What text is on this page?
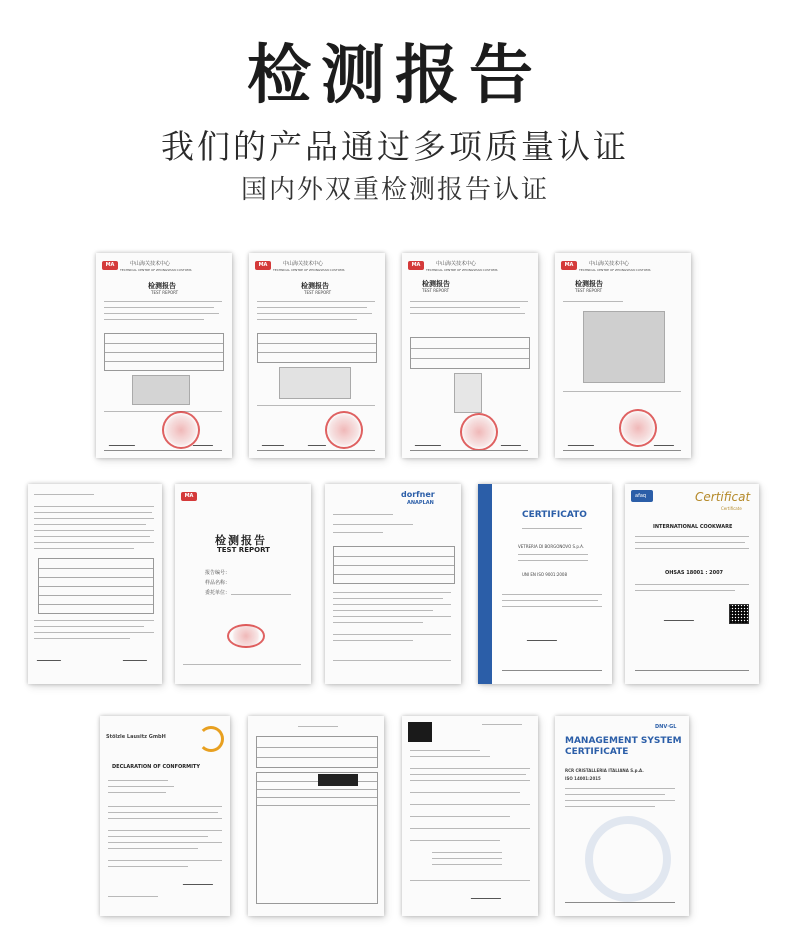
检测报告
我们的产品通过多项质量认证
国内外双重检测报告认证
MA	中山海关技术中心
TECHNICAL CENTRE OF ZHONGSHAN CUSTOMS
检测报告
TEST REPORT
MA	中山海关技术中心
TECHNICAL CENTRE OF ZHONGSHAN CUSTOMS
检测报告
TEST REPORT
MA	中山海关技术中心
TECHNICAL CENTRE OF ZHONGSHAN CUSTOMS
检测报告
TEST REPORT
MA	中山海关技术中心
TECHNICAL CENTRE OF ZHONGSHAN CUSTOMS
检测报告
TEST REPORT
MA
检测报告
TEST REPORT
报告编号：
样品名称：
委托单位：
dorfner
ANAPLAN
CERTIFICATO
VETRERIA DI BORGONOVO S.p.A.
UNI EN ISO 9001:2008
afaq	Certificat
Certificate
INTERNATIONAL COOKWARE
OHSAS 18001 : 2007
Stölzle Lausitz GmbH
DECLARATION OF CONFORMITY
DNV·GL
MANAGEMENT SYSTEM
CERTIFICATE
RCR CRISTALLERIA ITALIANA S.p.A.
ISO 14001:2015
